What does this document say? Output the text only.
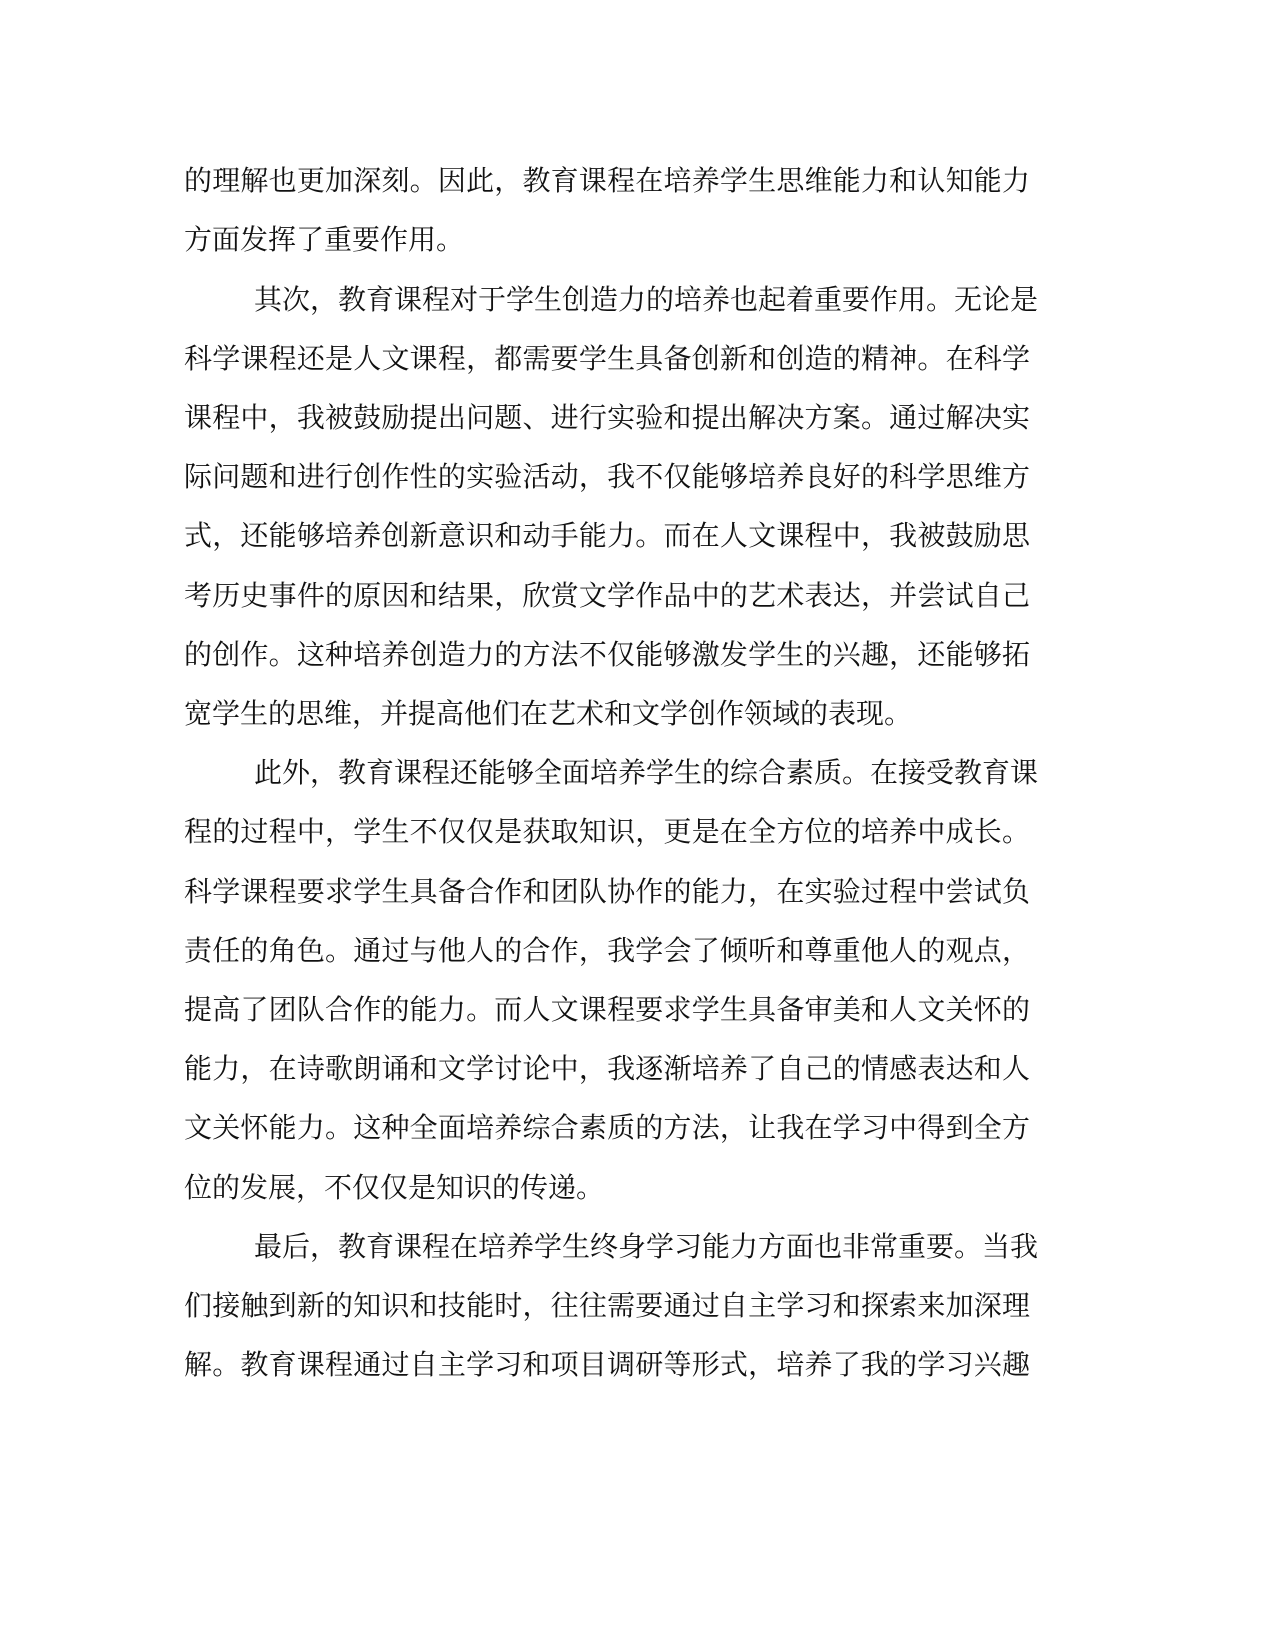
的理解也更加深刻。因此，教育课程在培养学生思维能力和认知能力
方面发挥了重要作用。
其次，教育课程对于学生创造力的培养也起着重要作用。无论是
科学课程还是人文课程，都需要学生具备创新和创造的精神。在科学
课程中，我被鼓励提出问题、进行实验和提出解决方案。通过解决实
际问题和进行创作性的实验活动，我不仅能够培养良好的科学思维方
式，还能够培养创新意识和动手能力。而在人文课程中，我被鼓励思
考历史事件的原因和结果，欣赏文学作品中的艺术表达，并尝试自己
的创作。这种培养创造力的方法不仅能够激发学生的兴趣，还能够拓
宽学生的思维，并提高他们在艺术和文学创作领域的表现。
此外，教育课程还能够全面培养学生的综合素质。在接受教育课
程的过程中，学生不仅仅是获取知识，更是在全方位的培养中成长。
科学课程要求学生具备合作和团队协作的能力，在实验过程中尝试负
责任的角色。通过与他人的合作，我学会了倾听和尊重他人的观点，
提高了团队合作的能力。而人文课程要求学生具备审美和人文关怀的
能力，在诗歌朗诵和文学讨论中，我逐渐培养了自己的情感表达和人
文关怀能力。这种全面培养综合素质的方法，让我在学习中得到全方
位的发展，不仅仅是知识的传递。
最后，教育课程在培养学生终身学习能力方面也非常重要。当我
们接触到新的知识和技能时，往往需要通过自主学习和探索来加深理
解。教育课程通过自主学习和项目调研等形式，培养了我的学习兴趣
